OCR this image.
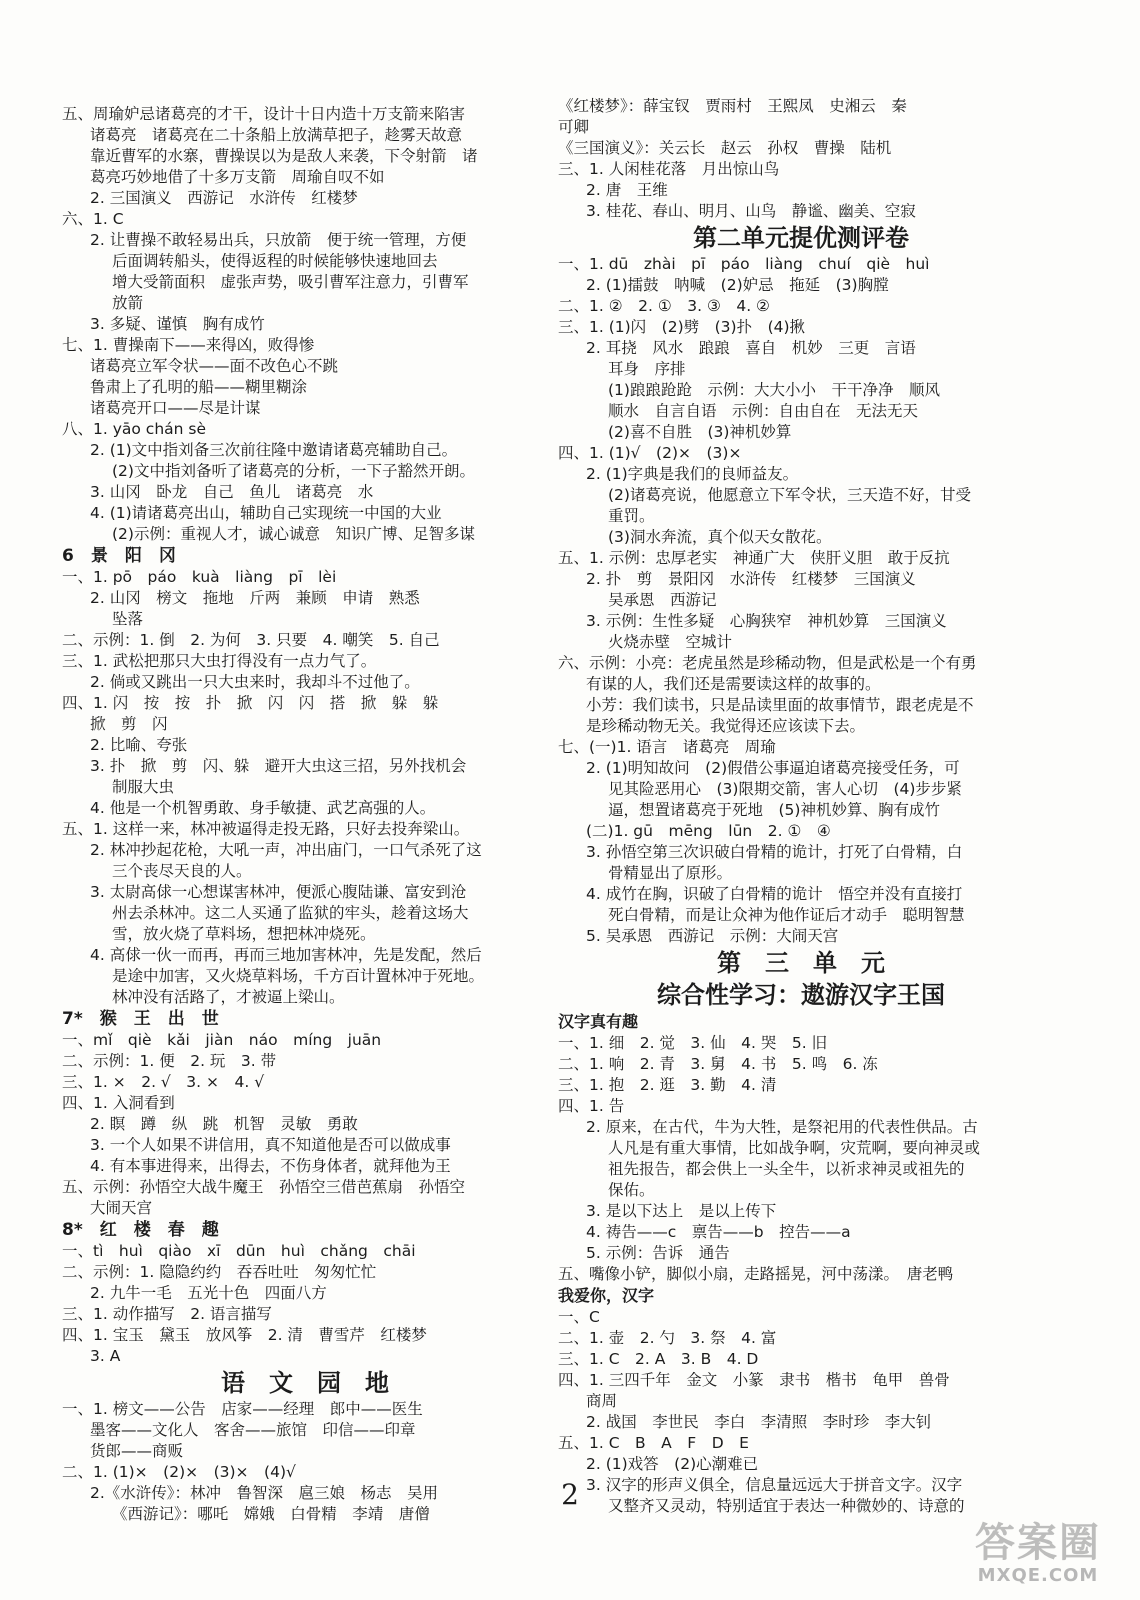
五、周瑜妒忌诸葛亮的才干，设计十日内造十万支箭来陷害
诸葛亮　诸葛亮在二十条船上放满草把子，趁雾天故意
靠近曹军的水寨，曹操误以为是敌人来袭，下令射箭　诸
葛亮巧妙地借了十多万支箭　周瑜自叹不如
2. 三国演义　西游记　水浒传　红楼梦
六、1. C
2. 让曹操不敢轻易出兵，只放箭　便于统一管理，方便
后面调转船头，使得返程的时候能够快速地回去
增大受箭面积　虚张声势，吸引曹军注意力，引曹军
放箭
3. 多疑、谨慎　胸有成竹
七、1. 曹操南下——来得凶，败得惨
诸葛亮立军令状——面不改色心不跳
鲁肃上了孔明的船——糊里糊涂
诸葛亮开口——尽是计谋
八、1. yāo chán sè
2. (1)文中指刘备三次前往隆中邀请诸葛亮辅助自己。
(2)文中指刘备听了诸葛亮的分析，一下子豁然开朗。
3. 山冈　卧龙　自己　鱼儿　诸葛亮　水
4. (1)请诸葛亮出山，辅助自己实现统一中国的大业
(2)示例：重视人才，诚心诚意　知识广博、足智多谋
6　景　阳　冈
一、1. pō　páo　kuà　liàng　pī　lèi
2. 山冈　榜文　拖地　斤两　兼顾　申请　熟悉
坠落
二、示例：1. 倒　2. 为何　3. 只要　4. 嘲笑　5. 自己
三、1. 武松把那只大虫打得没有一点力气了。
2. 倘或又跳出一只大虫来时，我却斗不过他了。
四、1. 闪　按　按　扑　掀　闪　闪　搭　掀　躲　躲
掀　剪　闪
2. 比喻、夸张
3. 扑　掀　剪　闪、躲　避开大虫这三招，另外找机会
制服大虫
4. 他是一个机智勇敢、身手敏捷、武艺高强的人。
五、1. 这样一来，林冲被逼得走投无路，只好去投奔梁山。
2. 林冲抄起花枪，大吼一声，冲出庙门，一口气杀死了这
三个丧尽天良的人。
3. 太尉高俅一心想谋害林冲，便派心腹陆谦、富安到沧
州去杀林冲。这二人买通了监狱的牢头，趁着这场大
雪，放火烧了草料场，想把林冲烧死。
4. 高俅一伙一而再，再而三地加害林冲，先是发配，然后
是途中加害，又火烧草料场，千方百计置林冲于死地。
林冲没有活路了，才被逼上梁山。
7*　猴　王　出　世
一、mǐ　qiè　kǎi　jiàn　náo　míng　juān
二、示例：1. 便　2. 玩　3. 带
三、1. ×　2. √　3. ×　4. √
四、1. 入洞看到
2. 瞑　蹲　纵　跳　机智　灵敏　勇敢
3. 一个人如果不讲信用，真不知道他是否可以做成事
4. 有本事进得来，出得去，不伤身体者，就拜他为王
五、示例：孙悟空大战牛魔王　孙悟空三借芭蕉扇　孙悟空
大闹天宫
8*　红　楼　春　趣
一、tì　huì　qiào　xī　dūn　huì　chǎng　chāi
二、示例：1. 隐隐约约　吞吞吐吐　匆匆忙忙
2. 九牛一毛　五光十色　四面八方
三、1. 动作描写　2. 语言描写
四、1. 宝玉　黛玉　放风筝　2. 清　曹雪芹　红楼梦
3. A
语　文　园　地
一、1. 榜文——公告　店家——经理　郎中——医生
墨客——文化人　客舍——旅馆　印信——印章
货郎——商贩
二、1. (1)×　(2)×　(3)×　(4)√
2.《水浒传》：林冲　鲁智深　扈三娘　杨志　吴用
《西游记》：哪吒　嫦娥　白骨精　李靖　唐僧
《红楼梦》：薛宝钗　贾雨村　王熙凤　史湘云　秦
可卿
《三国演义》：关云长　赵云　孙权　曹操　陆机
三、1. 人闲桂花落　月出惊山鸟
2. 唐　王维
3. 桂花、春山、明月、山鸟　静谧、幽美、空寂
第二单元提优测评卷
一、1. dū　zhài　pī　páo　liàng　chuí　qiè　huì
2. (1)擂鼓　呐喊　(2)妒忌　拖延　(3)胸膛
二、1. ②　2. ①　3. ③　4. ②
三、1. (1)闪　(2)劈　(3)扑　(4)揪
2. 耳挠　风水　踉踉　喜自　机妙　三更　言语
耳身　序排
(1)踉踉跄跄　示例：大大小小　干干净净　顺风
顺水　自言自语　示例：自由自在　无法无天
(2)喜不自胜　(3)神机妙算
四、1. (1)√　(2)×　(3)×
2. (1)字典是我们的良师益友。
(2)诸葛亮说，他愿意立下军令状，三天造不好，甘受
重罚。
(3)洞水奔流，真个似天女散花。
五、1. 示例：忠厚老实　神通广大　侠肝义胆　敢于反抗
2. 扑　剪　景阳冈　水浒传　红楼梦　三国演义
吴承恩　西游记
3. 示例：生性多疑　心胸狭窄　神机妙算　三国演义
火烧赤壁　空城计
六、示例：小亮：老虎虽然是珍稀动物，但是武松是一个有勇
有谋的人，我们还是需要读这样的故事的。
小芳：我们读书，只是品读里面的故事情节，跟老虎是不
是珍稀动物无关。我觉得还应该读下去。
七、(一)1. 语言　诸葛亮　周瑜
2. (1)明知故问　(2)假借公事逼迫诸葛亮接受任务，可
见其险恶用心　(3)限期交箭，害人心切　(4)步步紧
逼，想置诸葛亮于死地　(5)神机妙算、胸有成竹
(二)1. gū　mēng　lūn　2. ①　④
3. 孙悟空第三次识破白骨精的诡计，打死了白骨精，白
骨精显出了原形。
4. 成竹在胸，识破了白骨精的诡计　悟空并没有直接打
死白骨精，而是让众神为他作证后才动手　聪明智慧
5. 吴承恩　西游记　示例：大闹天宫
第　三　单　元
综合性学习：遨游汉字王国
汉字真有趣
一、1. 细　2. 觉　3. 仙　4. 哭　5. 旧
二、1. 响　2. 青　3. 舅　4. 书　5. 鸣　6. 冻
三、1. 抱　2. 逛　3. 勤　4. 清
四、1. 告
2. 原来，在古代，牛为大牲，是祭祀用的代表性供品。古
人凡是有重大事情，比如战争啊，灾荒啊，要向神灵或
祖先报告，都会供上一头全牛，以祈求神灵或祖先的
保佑。
3. 是以下达上　是以上传下
4. 祷告——c　禀告——b　控告——a
5. 示例：告诉　通告
五、嘴像小铲，脚似小扇，走路摇晃，河中荡漾。　唐老鸭
我爱你，汉字
一、C
二、1. 壶　2. 勺　3. 祭　4. 富
三、1. C　2. A　3. B　4. D
四、1. 三四千年　金文　小篆　隶书　楷书　龟甲　兽骨
商周
2. 战国　李世民　李白　李清照　李时珍　李大钊
五、1. C　B　A　F　D　E
2. (1)戏答　(2)心潮难已
3. 汉字的形声义俱全，信息量远远大于拼音文字。汉字
又整齐又灵动，特别适宜于表达一种微妙的、诗意的
2
答案圈
MXQE.COM
